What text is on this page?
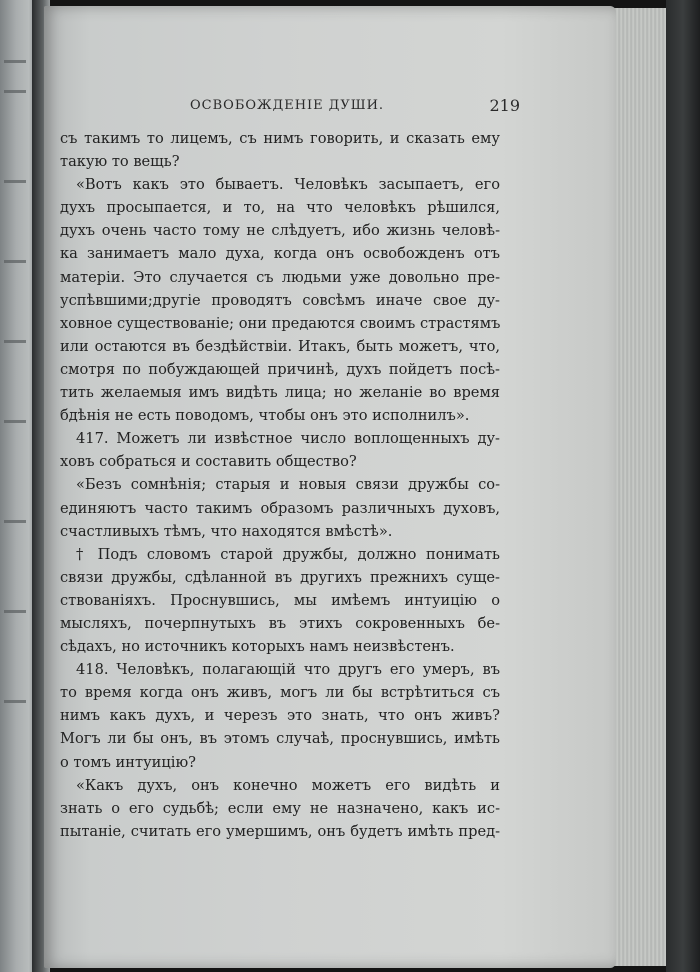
ОСВОБОЖДЕНІЕ ДУШИ.	219
съ такимъ то лицемъ, съ нимъ говорить, и сказать ему
такую то вещь?
«Вотъ какъ это бываетъ. Человѣкъ засыпаетъ, его
духъ просыпается, и то, на что человѣкъ рѣшился,
духъ очень часто тому не слѣдуетъ, ибо жизнь человѣ-
ка занимаетъ мало духа, когда онъ освобожденъ отъ
матеріи. Это случается съ людьми уже довольно пре-
успѣвшими;другіе проводятъ совсѣмъ иначе свое ду-
ховное существованіе; они предаются своимъ страстямъ
или остаются въ бездѣйствіи. Итакъ, быть можетъ, что,
смотря по побуждающей причинѣ, духъ пойдетъ посѣ-
тить желаемыя имъ видѣть лица; но желаніе во время
бдѣнія не есть поводомъ, чтобы онъ это исполнилъ».
417. Можетъ ли извѣстное число воплощенныхъ ду-
ховъ собраться и составить общество?
«Безъ сомнѣнія; старыя и новыя связи дружбы со-
единяютъ часто такимъ образомъ различныхъ духовъ,
счастливыхъ тѣмъ, что находятся вмѣстѣ».
† Подъ словомъ старой дружбы, должно понимать
связи дружбы, сдѣланной въ другихъ прежнихъ суще-
ствованіяхъ. Проснувшись, мы имѣемъ интуицію о
мысляхъ, почерпнутыхъ въ этихъ сокровенныхъ бе-
сѣдахъ, но источникъ которыхъ намъ неизвѣстенъ.
418. Человѣкъ, полагающій что другъ его умеръ, въ
то время когда онъ живъ, могъ ли бы встрѣтиться съ
нимъ какъ духъ, и черезъ это знать, что онъ живъ?
Могъ ли бы онъ, въ этомъ случаѣ, проснувшись, имѣть
о томъ интуицію?
«Какъ духъ, онъ конечно можетъ его видѣть и
знать о его судьбѣ; если ему не назначено, какъ ис-
пытаніе, считать его умершимъ, онъ будетъ имѣть пред-
